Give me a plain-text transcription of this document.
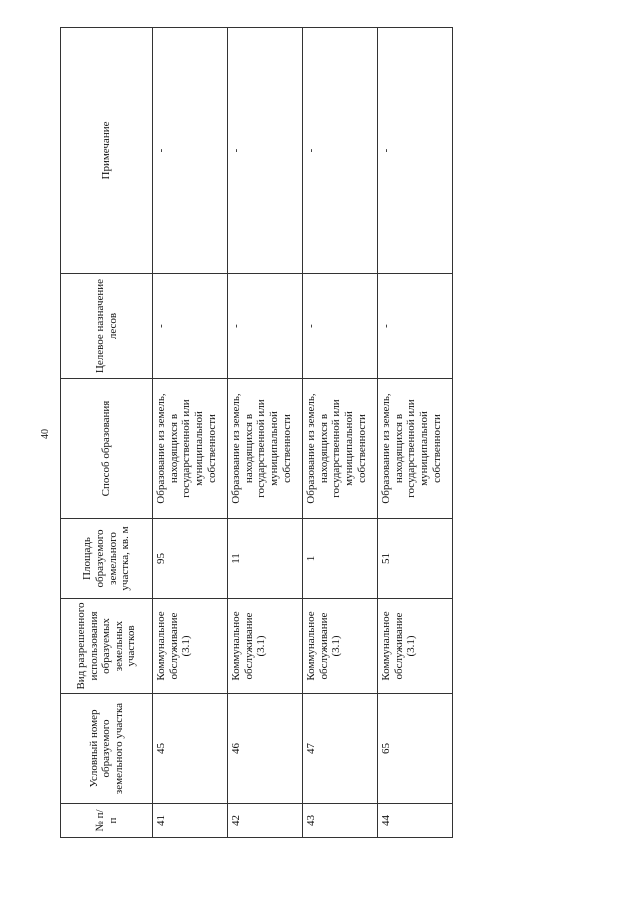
40
№ п/п	Условный номер образуемого земельного участка	Вид разрешенного использования образуемых земельных участков	Площадь образуемого земельного участка, кв. м	Способ образования	Целевое назначение лесов	Примечание
41	45	Коммунальное обслуживание (3.1)	95	Образование из земель, находящихся в государственной или муниципальной собственности	-	-
42	46	Коммунальное обслуживание (3.1)	11	Образование из земель, находящихся в государственной или муниципальной собственности	-	-
43	47	Коммунальное обслуживание (3.1)	1	Образование из земель, находящихся в государственной или муниципальной собственности	-	-
44	65	Коммунальное обслуживание (3.1)	51	Образование из земель, находящихся в государственной или муниципальной собственности	-	-
